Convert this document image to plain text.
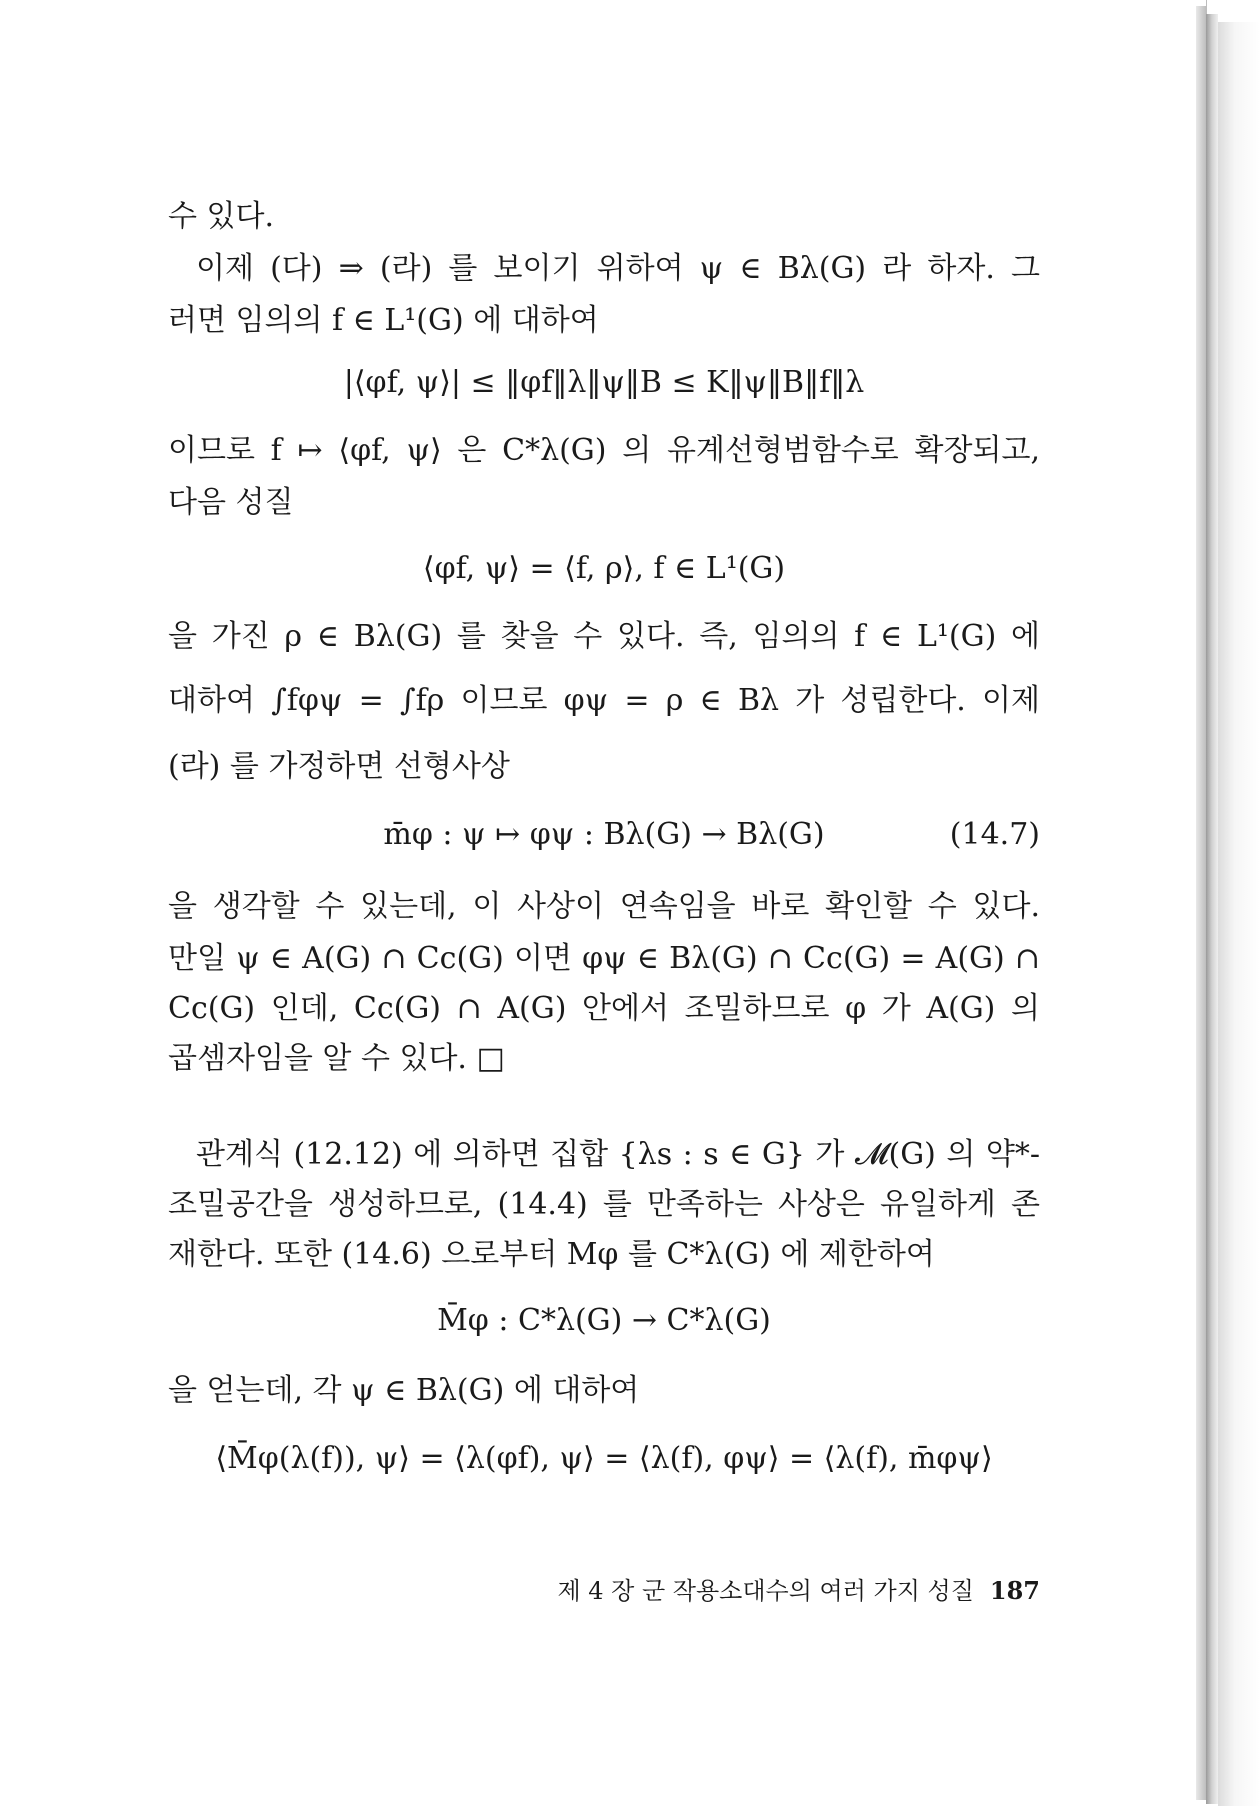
수 있다.
이제 (다) ⇒ (라) 를 보이기 위하여 ψ ∈ Bλ(G) 라 하자. 그
러면 임의의 f ∈ L¹(G) 에 대하여
|⟨φf, ψ⟩| ≤ ‖φf‖λ‖ψ‖B ≤ K‖ψ‖B‖f‖λ
이므로 f ↦ ⟨φf, ψ⟩ 은 C*λ(G) 의 유계선형범함수로 확장되고,
다음 성질
⟨φf, ψ⟩ = ⟨f, ρ⟩, f ∈ L¹(G)
을 가진 ρ ∈ Bλ(G) 를 찾을 수 있다. 즉, 임의의 f ∈ L¹(G) 에
대하여 ∫fφψ = ∫fρ 이므로 φψ = ρ ∈ Bλ 가 성립한다. 이제
(라) 를 가정하면 선형사상
m̄φ : ψ ↦ φψ : Bλ(G) → Bλ(G)	(14.7)
을 생각할 수 있는데, 이 사상이 연속임을 바로 확인할 수 있다.
만일 ψ ∈ A(G) ∩ Cc(G) 이면 φψ ∈ Bλ(G) ∩ Cc(G) = A(G) ∩
Cc(G) 인데, Cc(G) ∩ A(G) 안에서 조밀하므로 φ 가 A(G) 의
곱셈자임을 알 수 있다. □
관계식 (12.12) 에 의하면 집합 {λs : s ∈ G} 가 𝓜(G) 의 약*-
조밀공간을 생성하므로, (14.4) 를 만족하는 사상은 유일하게 존
재한다. 또한 (14.6) 으로부터 Mφ 를 C*λ(G) 에 제한하여
M̄φ : C*λ(G) → C*λ(G)
을 얻는데, 각 ψ ∈ Bλ(G) 에 대하여
⟨M̄φ(λ(f)), ψ⟩ = ⟨λ(φf), ψ⟩ = ⟨λ(f), φψ⟩ = ⟨λ(f), m̄φψ⟩
제 4 장 군 작용소대수의 여러 가지 성질 187
